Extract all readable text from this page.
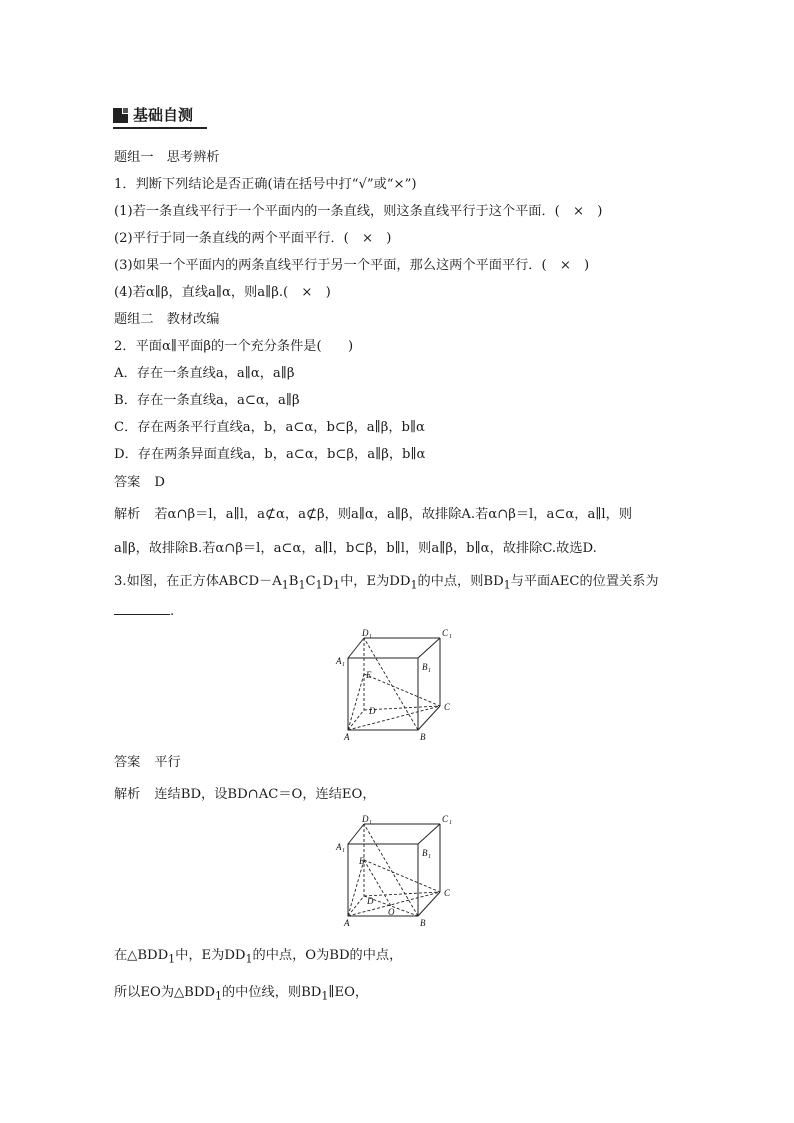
基础自测
题组一　思考辨析
1．判断下列结论是否正确(请在括号中打“√”或“×”)
(1)若一条直线平行于一个平面内的一条直线，则这条直线平行于这个平面．(　×　)
(2)平行于同一条直线的两个平面平行．(　×　)
(3)如果一个平面内的两条直线平行于另一个平面，那么这两个平面平行．(　×　)
(4)若α∥β，直线a∥α，则a∥β.(　×　)
题组二　教材改编
2．平面α∥平面β的一个充分条件是(　　)
A．存在一条直线a，a∥α，a∥β
B．存在一条直线a，a⊂α，a∥β
C．存在两条平行直线a，b，a⊂α，b⊂β，a∥β，b∥α
D．存在两条异面直线a，b，a⊂α，b⊂β，a∥β，b∥α
答案 D
解析 若α∩β＝l，a∥l，a⊄α，a⊄β，则a∥α，a∥β，故排除A.若α∩β＝l，a⊂α，a∥l，则
a∥β，故排除B.若α∩β＝l，a⊂α，a∥l，b⊂β，b∥l，则a∥β，b∥α，故排除C.故选D.
3.如图，在正方体$ABCD-A_1B_1C_1D_1$中，E为$DD_1$的中点，则$BD_1$与平面AEC的位置关系为
.
D 1	C 1
A 1	B 1
E
D	C
A	B
答案 平行
解析 连结BD，设BD∩AC＝O，连结EO，
D 1	C 1
A 1	B 1
E
D
C
A	B
O
在$\triangle BDD_1$中，E为$DD_1$的中点，O为BD的中点，
所以EO为$\triangle BDD_1$的中位线，则$BD_1\parallel EO$，
